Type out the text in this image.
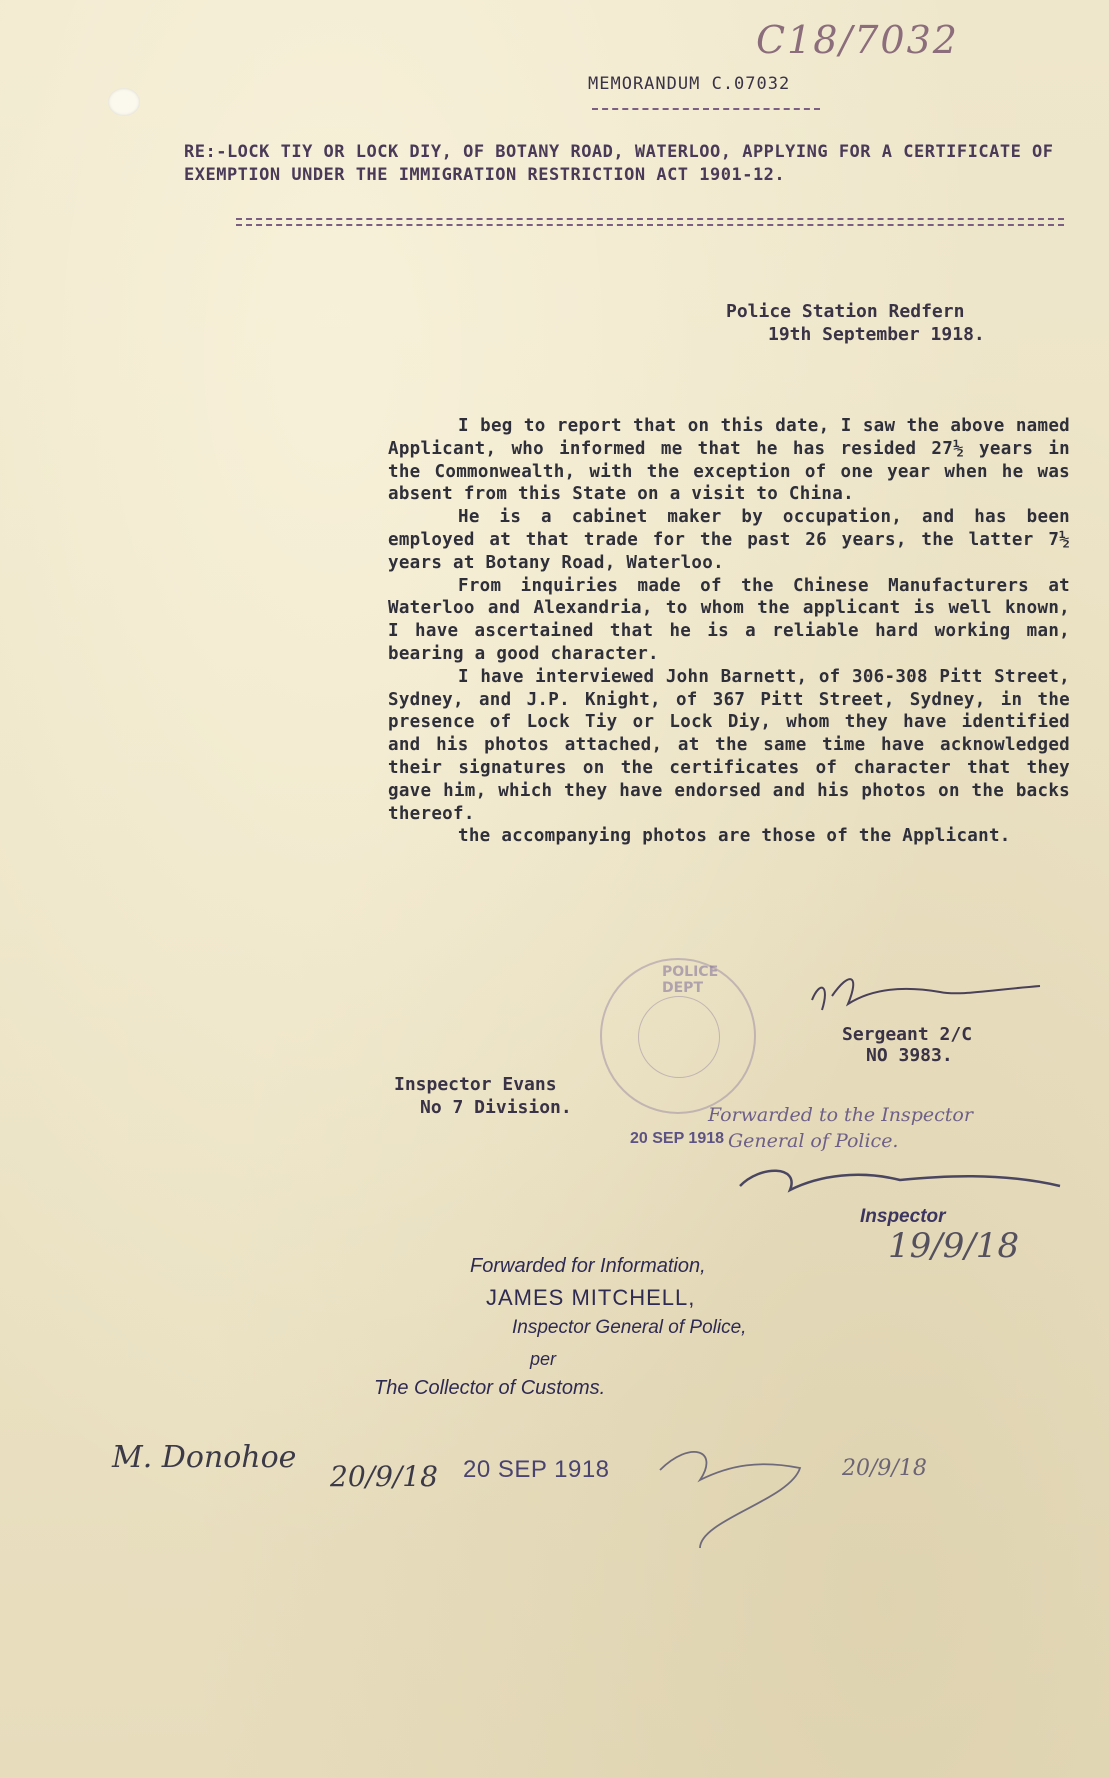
C18/7032
MEMORANDUM C.07032

RE:-LOCK TIY OR LOCK DIY, OF BOTANY ROAD, WATERLOO, APPLYING FOR A CERTIFICATE OF EXEMPTION UNDER THE IMMIGRATION RESTRICTION ACT 1901-12.

Police Station Redfern
19th September 1918.

I beg to report that on this date, I saw the above named Applicant, who informed me that he has resided 27½ years in the Commonwealth, with the exception of one year when he was absent from this State on a visit to China.

He is a cabinet maker by occupation, and has been employed at that trade for the past 26 years, the latter 7½ years at Botany Road, Waterloo.

From inquiries made of the Chinese Manufacturers at Waterloo and Alexandria, to whom the applicant is well known, I have ascertained that he is a reliable hard working man, bearing a good character.

I have interviewed John Barnett, of 306-308 Pitt Street, Sydney, and J.P. Knight, of 367 Pitt Street, Sydney, in the presence of Lock Tiy or Lock Diy, whom they have identified and his photos attached, at the same time have acknowledged their signatures on the certificates of character that they gave him, which they have endorsed and his photos on the backs thereof.

the accompanying photos are those of the Applicant.

POLICE DEPT
Sergeant 2/C
NO 3983.
Inspector Evans
No 7 Division.	Forwarded to the Inspector
General of Police.
20 SEP 1918
Inspector
19/9/18
Forwarded for Information,
JAMES MITCHELL,
Inspector General of Police,
per
The Collector of Customs.
20 SEP 1918
M. Donohoe
20/9/18	20/9/18
